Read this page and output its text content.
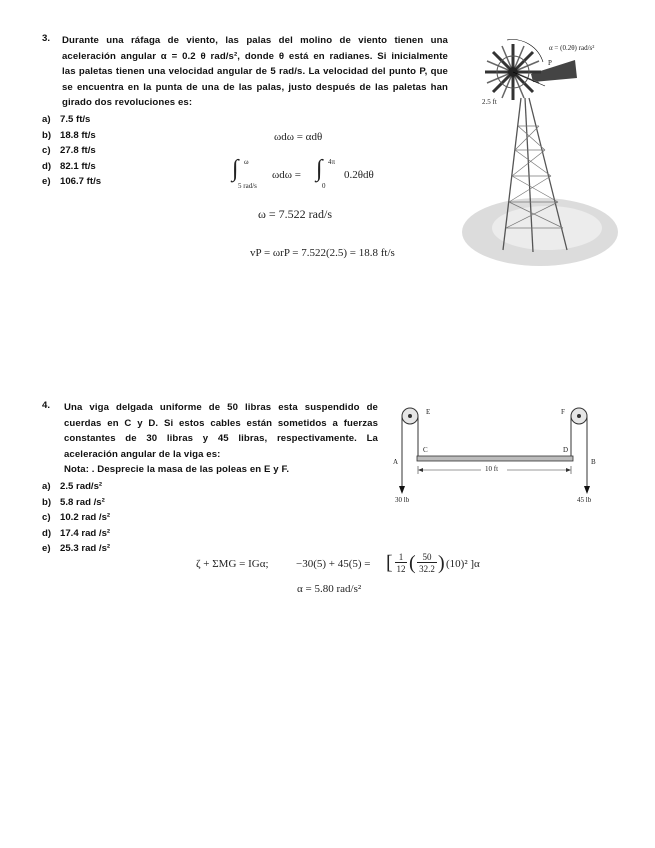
3. Durante una ráfaga de viento, las palas del molino de viento tienen una
aceleración angular α = 0.2 θ rad/s², donde θ está en radianes. Si inicialmente
las paletas tienen una velocidad angular de 5 rad/s. La velocidad del punto P, que
se encuentra en la punta de una de las palas, justo después de las paletas han
girado dos revoluciones es:
a) 7.5 ft/s
b) 18.8 ft/s
c) 27.8 ft/s
d) 82.1 ft/s
e) 106.7 ft/s
ωdω = αdθ
∫ ω
5 rad/s
ωdω = ∫ 4π
0
0.2θdθ
ω = 7.522 rad/s
vP = ωrP = 7.522(2.5) = 18.8 ft/s
α = (0.2θ) rad/s²
P
2.5 ft
4. Una viga delgada uniforme de 50 libras esta suspendido de
cuerdas en C y D. Si estos cables están sometidos a fuerzas
constantes de 30 libras y 45 libras, respectivamente. La
aceleración angular de la viga es:
Nota: . Desprecie la masa de las poleas en E y F.
a) 2.5 rad/s²
b) 5.8 rad /s²
c) 10.2 rad /s²
d) 17.4 rad /s²
e) 25.3 rad /s²
E	F
C	D
A	B
10 ft
30 lb	45 lb
ζ + ΣMG = IGα; −30(5) + 45(5) = [ 1
12 ( 50
32.2 ) (10)² ]α
α = 5.80 rad/s²
